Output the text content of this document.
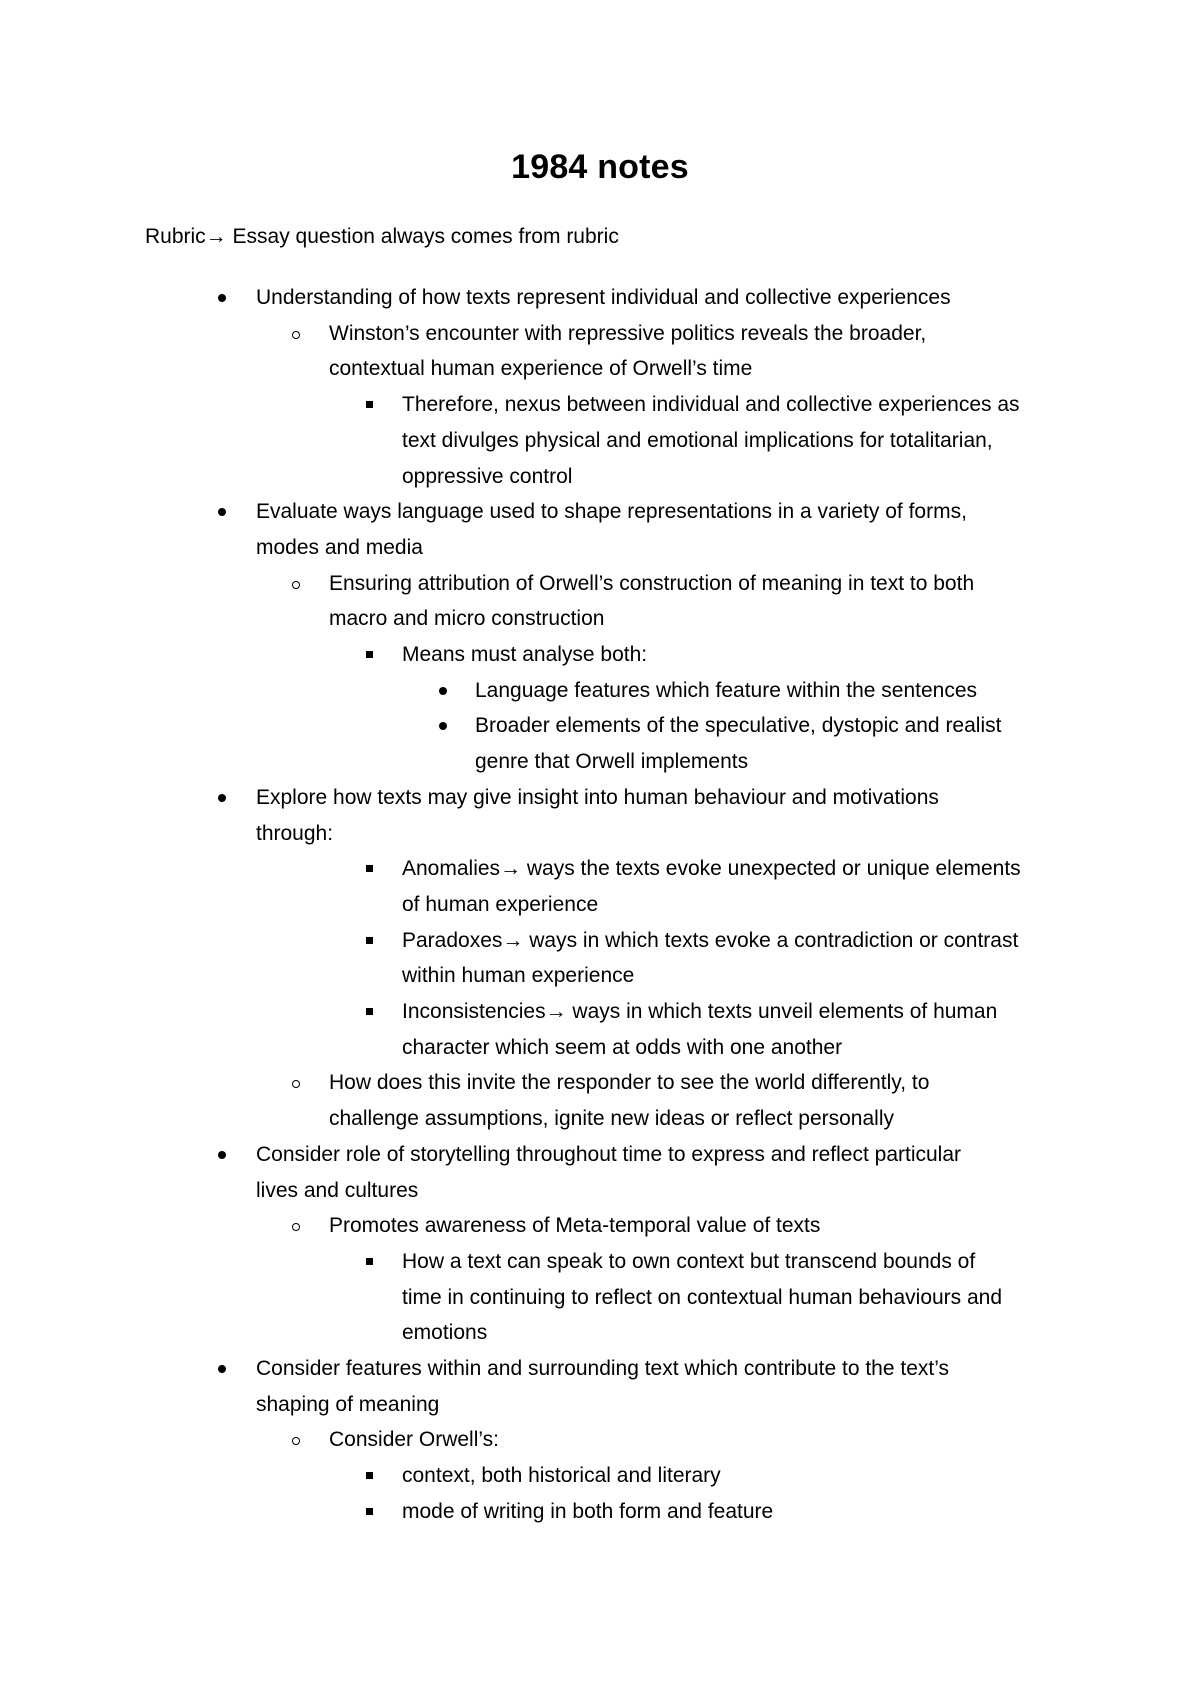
1984 notes
Rubric→ Essay question always comes from rubric
Understanding of how texts represent individual and collective experiences
Winston’s encounter with repressive politics reveals the broader,
contextual human experience of Orwell’s time
Therefore, nexus between individual and collective experiences as
text divulges physical and emotional implications for totalitarian,
oppressive control
Evaluate ways language used to shape representations in a variety of forms,
modes and media
Ensuring attribution of Orwell’s construction of meaning in text to both
macro and micro construction
Means must analyse both:
Language features which feature within the sentences
Broader elements of the speculative, dystopic and realist
genre that Orwell implements
Explore how texts may give insight into human behaviour and motivations
through:
Anomalies→ ways the texts evoke unexpected or unique elements
of human experience
Paradoxes→ ways in which texts evoke a contradiction or contrast
within human experience
Inconsistencies→ ways in which texts unveil elements of human
character which seem at odds with one another
How does this invite the responder to see the world differently, to
challenge assumptions, ignite new ideas or reflect personally
Consider role of storytelling throughout time to express and reflect particular
lives and cultures
Promotes awareness of Meta-temporal value of texts
How a text can speak to own context but transcend bounds of
time in continuing to reflect on contextual human behaviours and
emotions
Consider features within and surrounding text which contribute to the text’s
shaping of meaning
Consider Orwell’s:
context, both historical and literary
mode of writing in both form and feature
